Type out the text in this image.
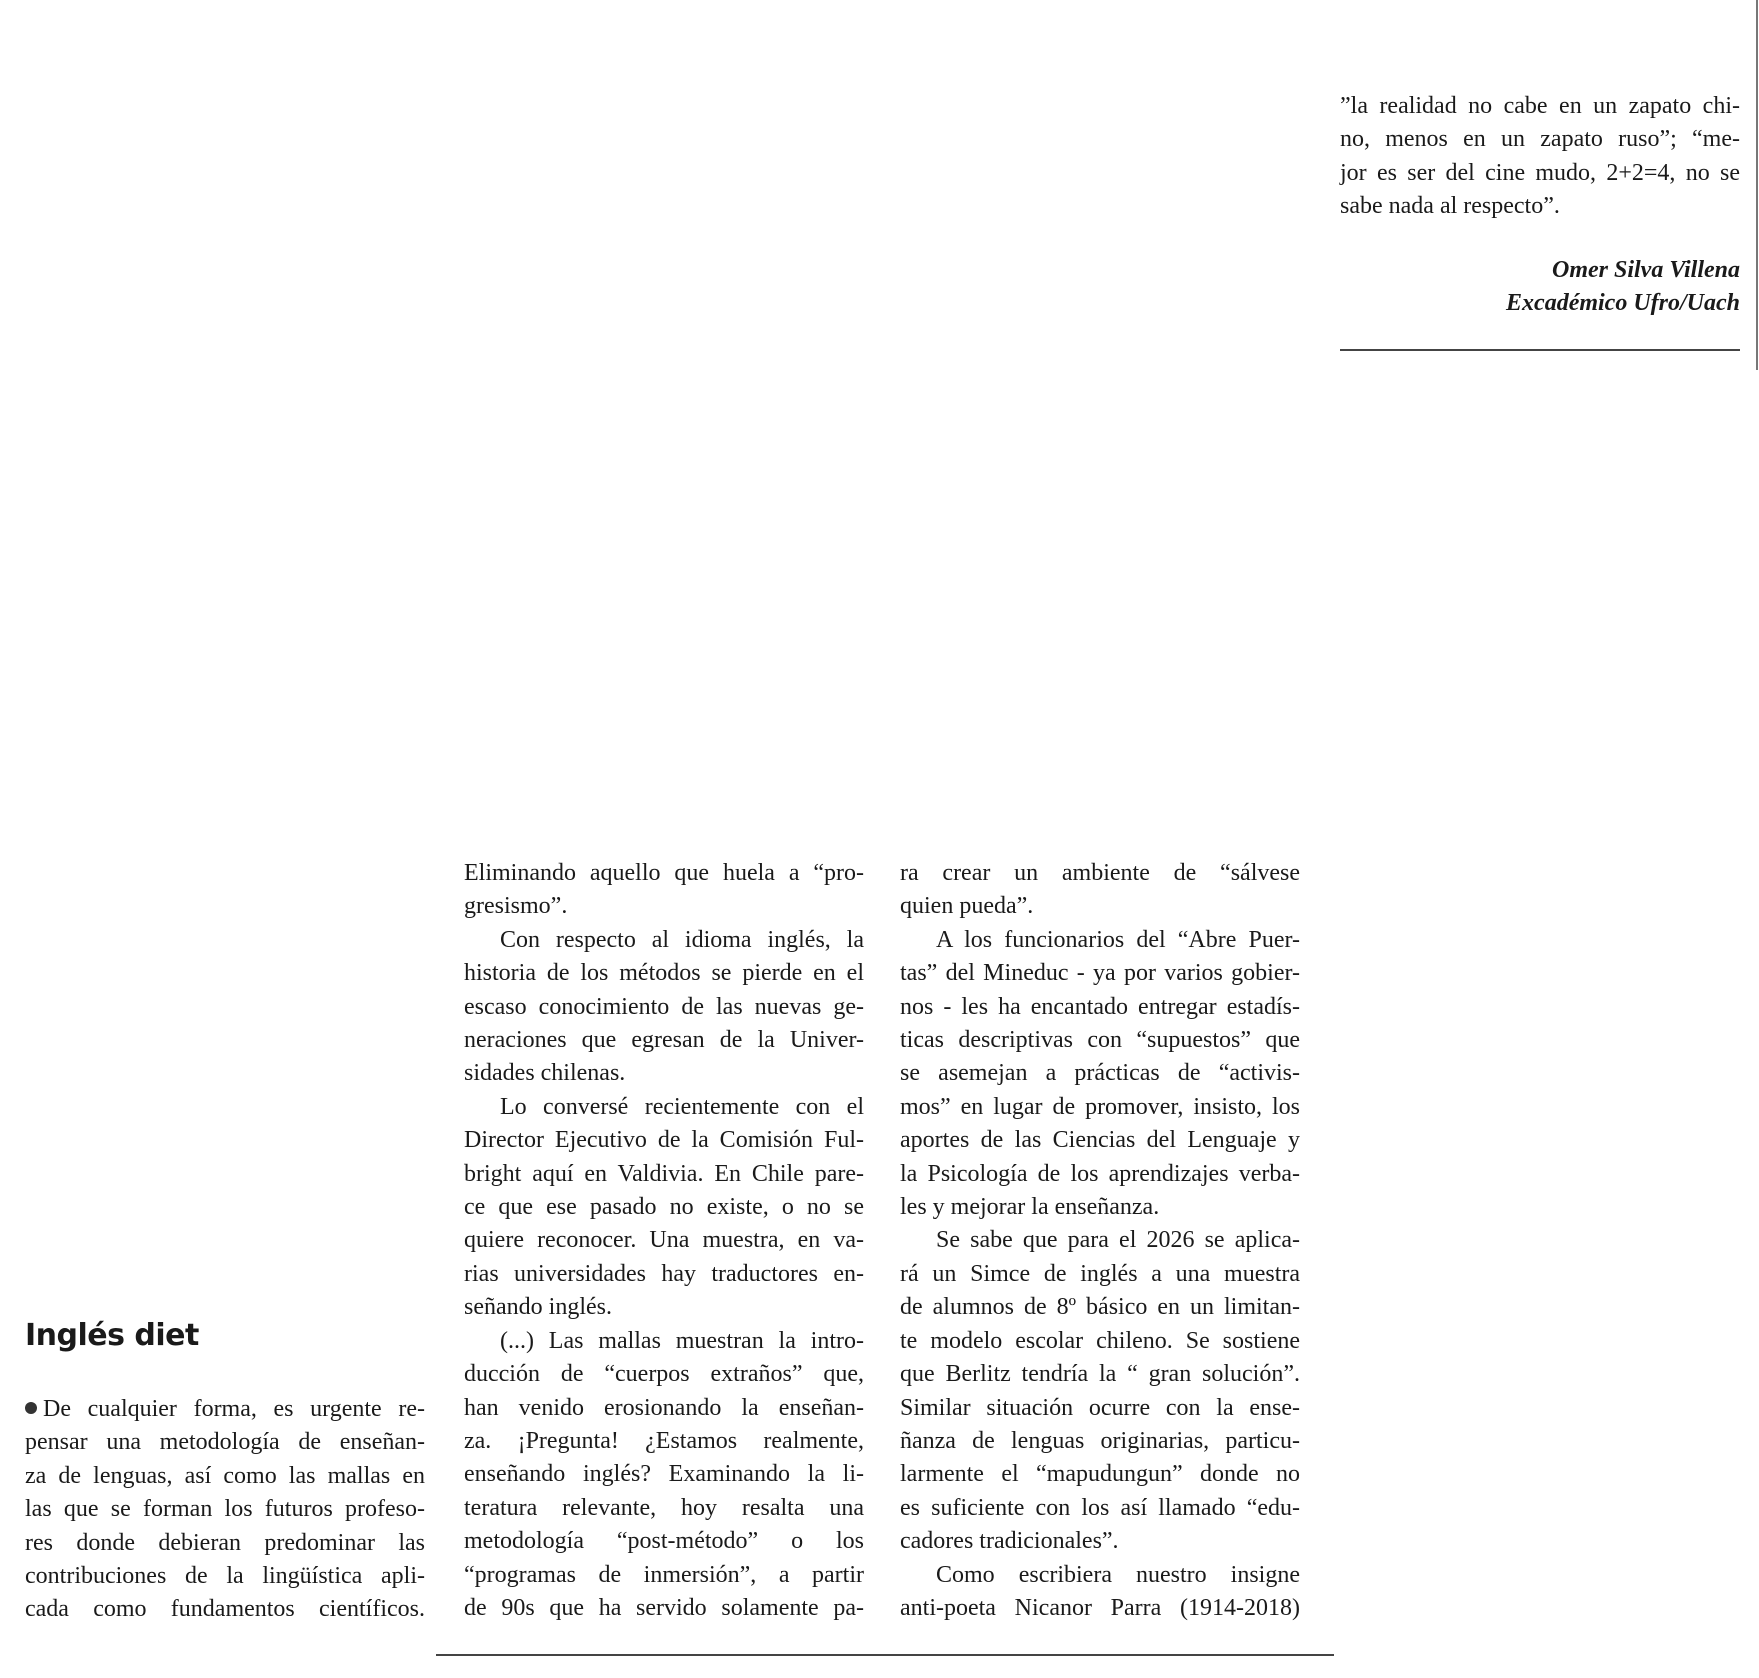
”la realidad no cabe en un zapato chi-
no, menos en un zapato ruso”; “me-
jor es ser del cine mudo, 2+2=4, no se
sabe nada al respecto”.
Omer Silva Villena
Excadémico Ufro/Uach
Inglés diet
De cualquier forma, es urgente re-
pensar una metodología de enseñan-
za de lenguas, así como las mallas en
las que se forman los futuros profeso-
res donde debieran predominar las
contribuciones de la lingüística apli-
cada como fundamentos científicos.
Eliminando aquello que huela a “pro-
gresismo”.
Con respecto al idioma inglés, la
historia de los métodos se pierde en el
escaso conocimiento de las nuevas ge-
neraciones que egresan de la Univer-
sidades chilenas.
Lo conversé recientemente con el
Director Ejecutivo de la Comisión Ful-
bright aquí en Valdivia. En Chile pare-
ce que ese pasado no existe, o no se
quiere reconocer. Una muestra, en va-
rias universidades hay traductores en-
señando inglés.
(...) Las mallas muestran la intro-
ducción de “cuerpos extraños” que,
han venido erosionando la enseñan-
za. ¡Pregunta! ¿Estamos realmente,
enseñando inglés? Examinando la li-
teratura relevante, hoy resalta una
metodología “post-método” o los
“programas de inmersión”, a partir
de 90s que ha servido solamente pa-
ra crear un ambiente de “sálvese
quien pueda”.
A los funcionarios del “Abre Puer-
tas” del Mineduc - ya por varios gobier-
nos - les ha encantado entregar estadís-
ticas descriptivas con “supuestos” que
se asemejan a prácticas de “activis-
mos” en lugar de promover, insisto, los
aportes de las Ciencias del Lenguaje y
la Psicología de los aprendizajes verba-
les y mejorar la enseñanza.
Se sabe que para el 2026 se aplica-
rá un Simce de inglés a una muestra
de alumnos de 8º básico en un limitan-
te modelo escolar chileno. Se sostiene
que Berlitz tendría la “ gran solución”.
Similar situación ocurre con la ense-
ñanza de lenguas originarias, particu-
larmente el “mapudungun” donde no
es suficiente con los así llamado “edu-
cadores tradicionales”.
Como escribiera nuestro insigne
anti-poeta Nicanor Parra (1914-2018)
